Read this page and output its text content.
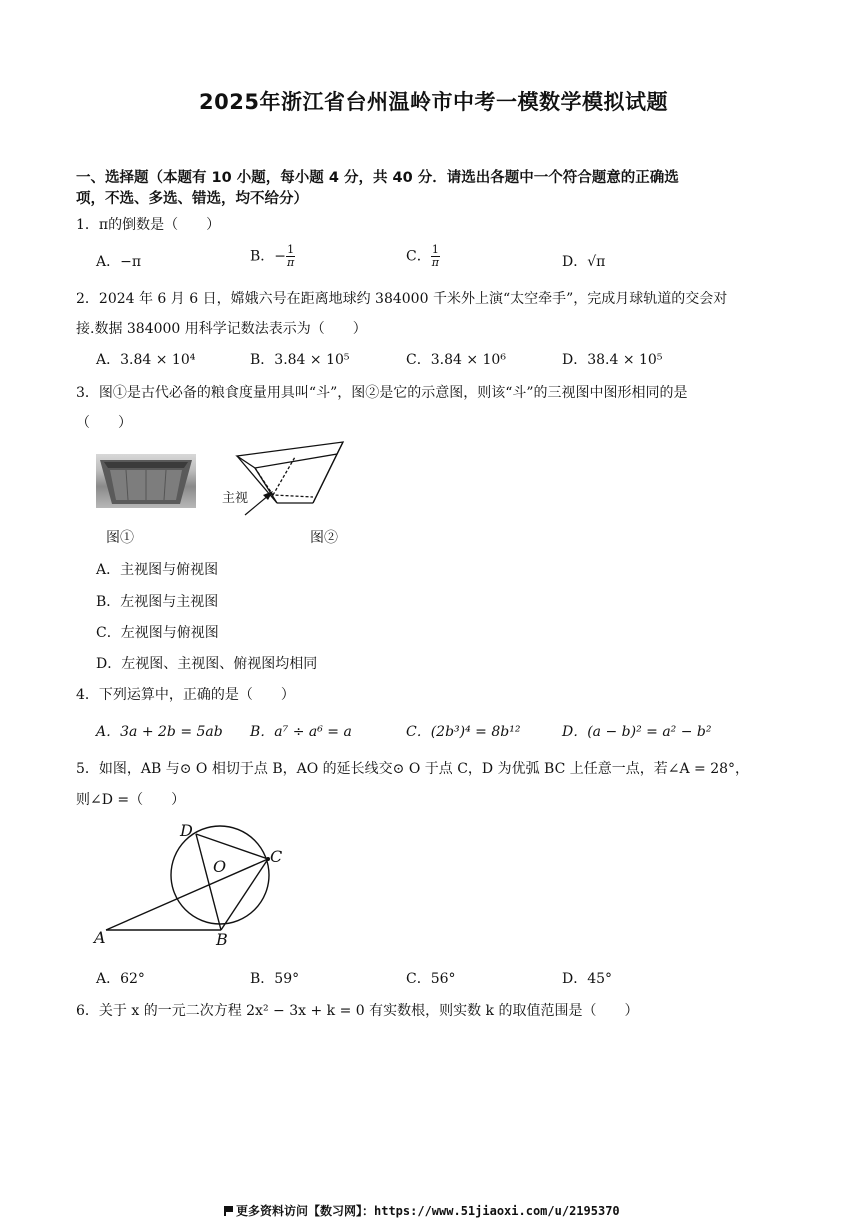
2025年浙江省台州温岭市中考一模数学模拟试题
一、选择题（本题有 10 小题，每小题 4 分，共 40 分．请选出各题中一个符合题意的正确选
项，不选、多选、错选，均不给分）
1．π的倒数是（　　）
A．−π	B．− $\frac{1}{\pi}$	C． $\frac{1}{\pi}$	D．√π
2．2024 年 6 月 6 日，嫦娥六号在距离地球约 384000 千米外上演“太空牵手”，完成月球轨道的交会对
接.数据 384000 用科学记数法表示为（　　）
A．3.84 × 10⁴	B．3.84 × 10⁵	C．3.84 × 10⁶	D．38.4 × 10⁵
3．图①是古代必备的粮食度量用具叫“斗”，图②是它的示意图，则该“斗”的三视图中图形相同的是
（　　）
主视
图①	图②
A．主视图与俯视图
B．左视图与主视图
C．左视图与俯视图
D．左视图、主视图、俯视图均相同
4．下列运算中，正确的是（　　）
A．3a + 2b = 5ab B．a⁷ ÷ a⁶ = a	C．(2b³)⁴ = 8b¹²	D．(a − b)² = a² − b²
5．如图，AB 与⊙ O 相切于点 B，AO 的延长线交⊙ O 于点 C，D 为优弧 BC 上任意一点，若∠A = 28°，
则∠D =（　　）
D
C
O
A	B
A．62°	B．59°	C．56°	D．45°
6．关于 x 的一元二次方程 2x² − 3x + k = 0 有实数根，则实数 k 的取值范围是（　　）
更多资料访问【数习网】：https://www.51jiaoxi.com/u/2195370
